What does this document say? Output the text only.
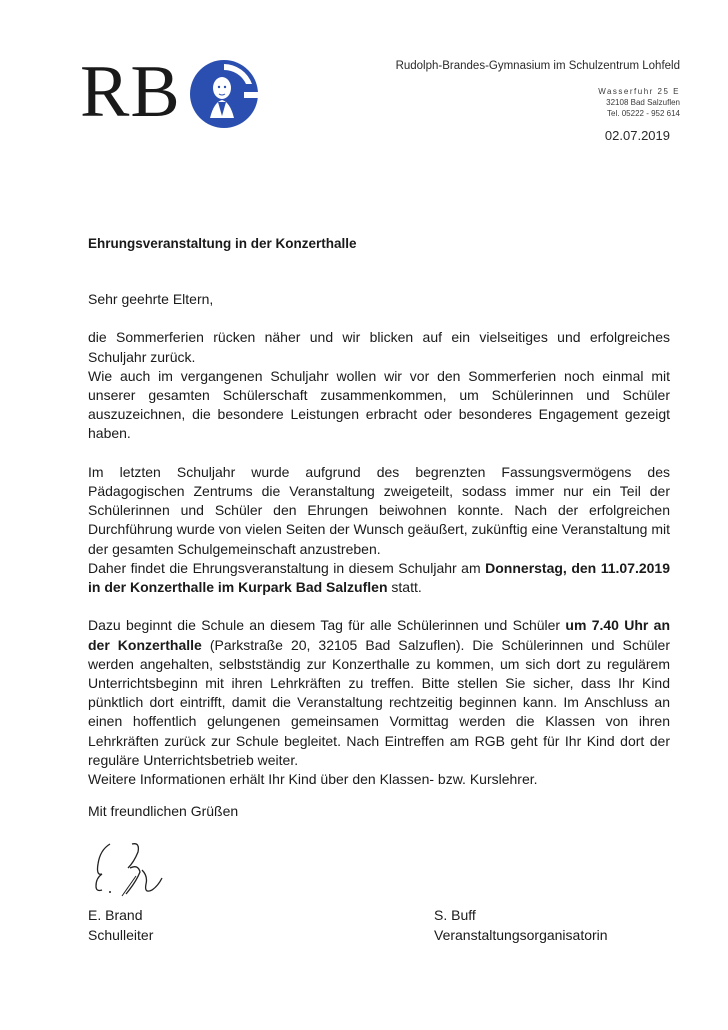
RB	Rudolph-Brandes-Gymnasium im Schulzentrum Lohfeld
Wasserfuhr 25 E
32108 Bad Salzuflen
Tel. 05222 - 952 614
02.07.2019
Ehrungsveranstaltung in der Konzerthalle

Sehr geehrte Eltern,

die Sommerferien rücken näher und wir blicken auf ein vielseitiges und erfolgreiches Schuljahr zurück.

Wie auch im vergangenen Schuljahr wollen wir vor den Sommerferien noch einmal mit unserer gesamten Schülerschaft zusammenkommen, um Schülerinnen und Schüler auszuzeichnen, die besondere Leistungen erbracht oder besonderes Engagement gezeigt haben.

Im letzten Schuljahr wurde aufgrund des begrenzten Fassungsvermögens des Pädagogischen Zentrums die Veranstaltung zweigeteilt, sodass immer nur ein Teil der Schülerinnen und Schüler den Ehrungen beiwohnen konnte. Nach der erfolgreichen Durchführung wurde von vielen Seiten der Wunsch geäußert, zukünftig eine Veranstaltung mit der gesamten Schulgemeinschaft anzustreben.

Daher findet die Ehrungsveranstaltung in diesem Schuljahr am Donnerstag, den 11.07.2019 in der Konzerthalle im Kurpark Bad Salzuflen statt.

Dazu beginnt die Schule an diesem Tag für alle Schülerinnen und Schüler um 7.40 Uhr an der Konzerthalle (Parkstraße 20, 32105 Bad Salzuflen). Die Schülerinnen und Schüler werden angehalten, selbstständig zur Konzerthalle zu kommen, um sich dort zu regulärem Unterrichtsbeginn mit ihren Lehrkräften zu treffen. Bitte stellen Sie sicher, dass Ihr Kind pünktlich dort eintrifft, damit die Veranstaltung rechtzeitig beginnen kann. Im Anschluss an einen hoffentlich gelungenen gemeinsamen Vormittag werden die Klassen von ihren Lehrkräften zurück zur Schule begleitet. Nach Eintreffen am RGB geht für Ihr Kind dort der reguläre Unterrichtsbetrieb weiter.

Weitere Informationen erhält Ihr Kind über den Klassen- bzw. Kurslehrer.

Mit freundlichen Grüßen
E. Brand
Schulleiter
S. Buff
Veranstaltungsorganisatorin
